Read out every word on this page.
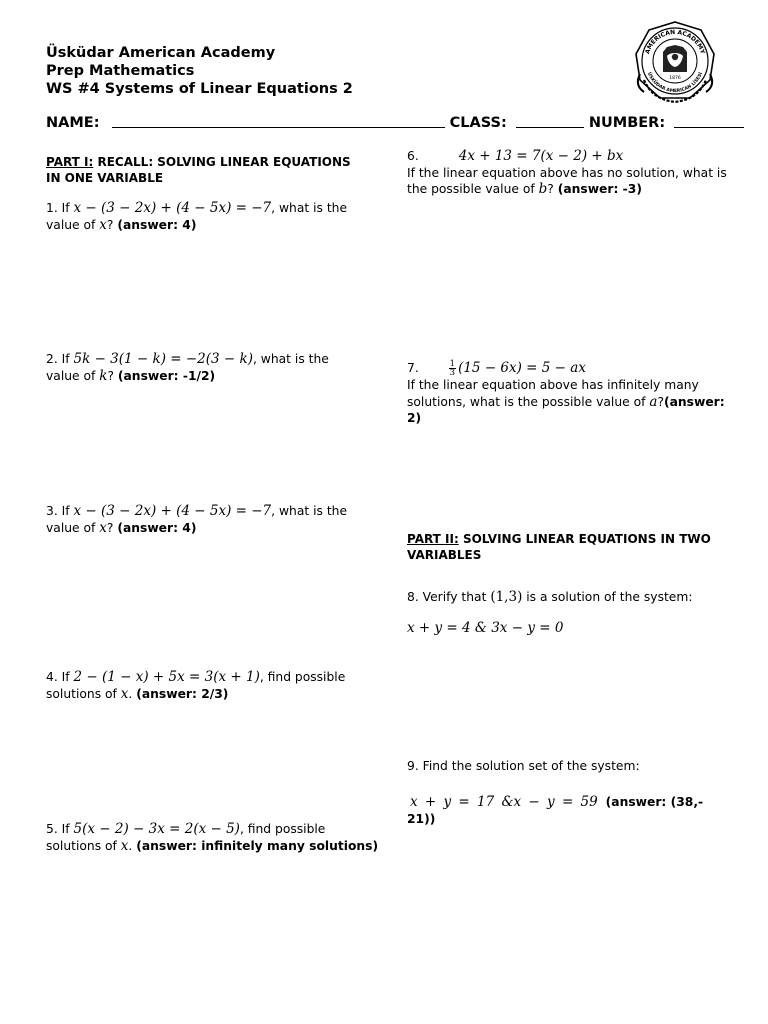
Üsküdar American Academy
Prep Mathematics
WS #4 Systems of Linear Equations 2
AMERICAN ACADEMY
ÜSKÜDAR AMERICAN LİSESİ
1876
NAME:	CLASS:	NUMBER:
PART I: RECALL: SOLVING LINEAR EQUATIONS
IN ONE VARIABLE
1. If x − (3 − 2x) + (4 − 5x) = −7, what is the
value of x? (answer: 4)
2. If 5k − 3(1 − k) = −2(3 − k), what is the
value of k? (answer: -1/2)
3. If x − (3 − 2x) + (4 − 5x) = −7, what is the
value of x? (answer: 4)
4. If 2 − (1 − x) + 5x = 3(x + 1), find possible
solutions of x. (answer: 2/3)
5. If 5(x − 2) − 3x = 2(x − 5), find possible
solutions of x. (answer: infinitely many solutions)
6.	4x + 13 = 7(x − 2) + bx
If the linear equation above has no solution, what is
the possible value of b? (answer: -3)
7.	$\frac{1}{3} (15 - 6x) = 5$ − ax
If the linear equation above has infinitely many
solutions, what is the possible value of a?(answer:
2)
PART II: SOLVING LINEAR EQUATIONS IN TWO
VARIABLES
8. Verify that (1,3) is a solution of the system:
x + y = 4 & 3x − y = 0
9. Find the solution set of the system:
x + y = 17 &x − y = 59 (answer: (38,-
21))
